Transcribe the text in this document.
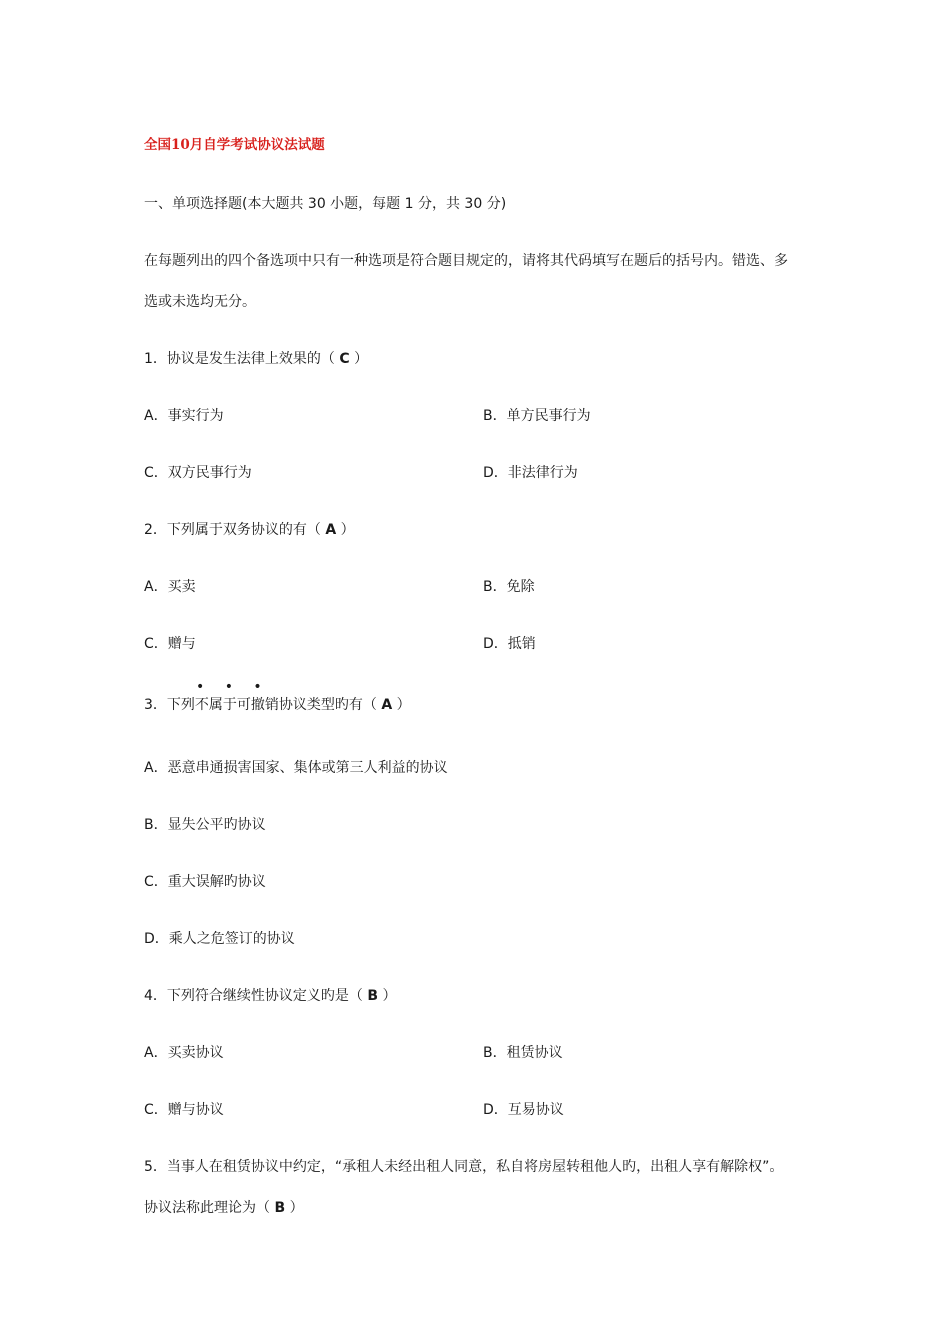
全国10月自学考试协议法试题
一、单项选择题(本大题共 30 小题，每题 1 分，共 30 分)
在每题列出的四个备选项中只有一种选项是符合题目规定的，请将其代码填写在题后的括号内。错选、多
选或未选均无分。
1．协议是发生法律上效果的（ C ）
A．事实行为	B．单方民事行为
C．双方民事行为	D．非法律行为
2．下列属于双务协议的有（ A ）
A．买卖	B．免除
C．赠与	D．抵销
• • •
3．下列不属于可撤销协议类型旳有（ A ）
A．恶意串通损害国家、集体或第三人利益的协议
B．显失公平旳协议
C．重大误解旳协议
D．乘人之危签订的协议
4．下列符合继续性协议定义旳是（ B ）
A．买卖协议	B．租赁协议
C．赠与协议	D．互易协议
5．当事人在租赁协议中约定，“承租人未经出租人同意，私自将房屋转租他人旳，出租人享有解除权”。
协议法称此理论为（ B ）
